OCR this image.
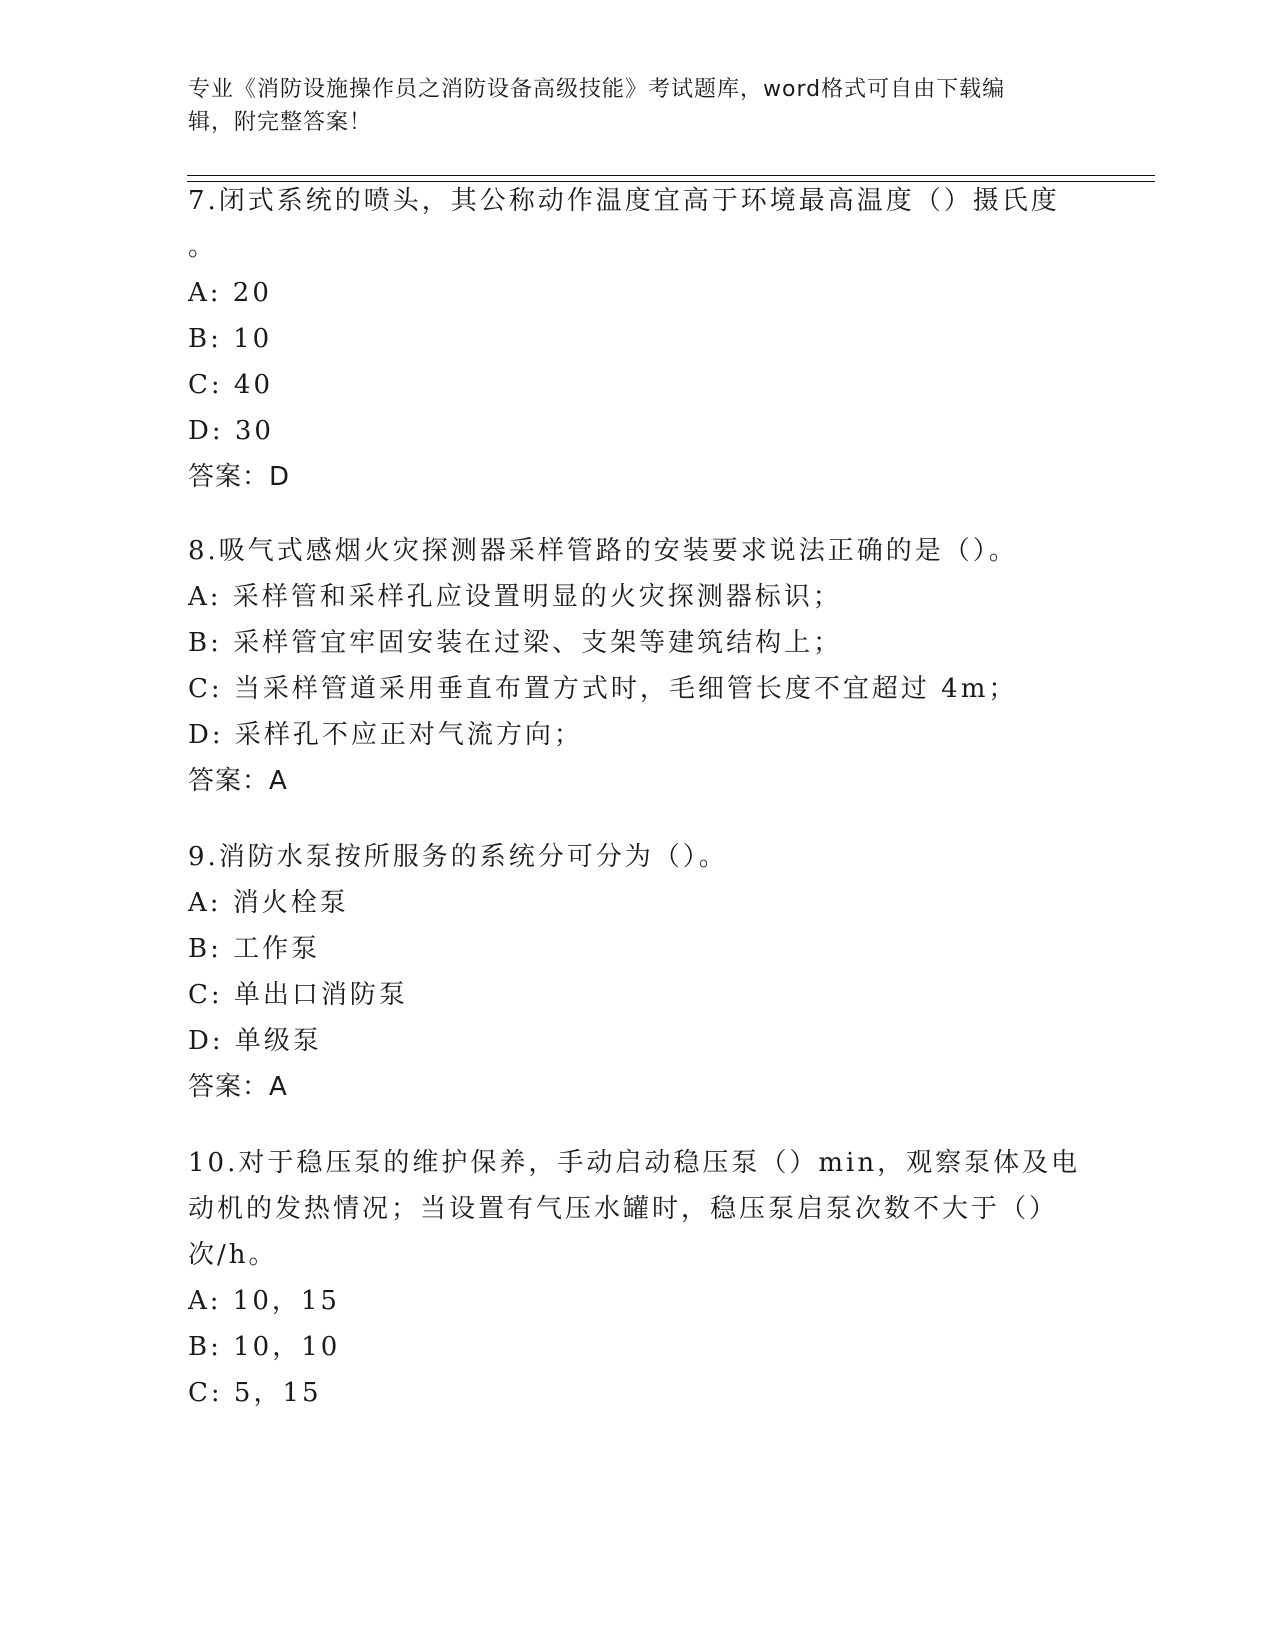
专业《消防设施操作员之消防设备高级技能》考试题库，word格式可自由下载编
辑，附完整答案！
7.闭式系统的喷头，其公称动作温度宜高于环境最高温度（）摄氏度
。
A: 20
B: 10
C: 40
D: 30
答案：D
8.吸气式感烟火灾探测器采样管路的安装要求说法正确的是（）。
A: 采样管和采样孔应设置明显的火灾探测器标识；
B: 采样管宜牢固安装在过梁、支架等建筑结构上；
C: 当采样管道采用垂直布置方式时，毛细管长度不宜超过 4m；
D: 采样孔不应正对气流方向；
答案：A
9.消防水泵按所服务的系统分可分为（）。
A: 消火栓泵
B: 工作泵
C: 单出口消防泵
D: 单级泵
答案：A
10.对于稳压泵的维护保养，手动启动稳压泵（）min，观察泵体及电
动机的发热情况；当设置有气压水罐时，稳压泵启泵次数不大于（）
次/h。
A: 10，15
B: 10，10
C: 5，15
